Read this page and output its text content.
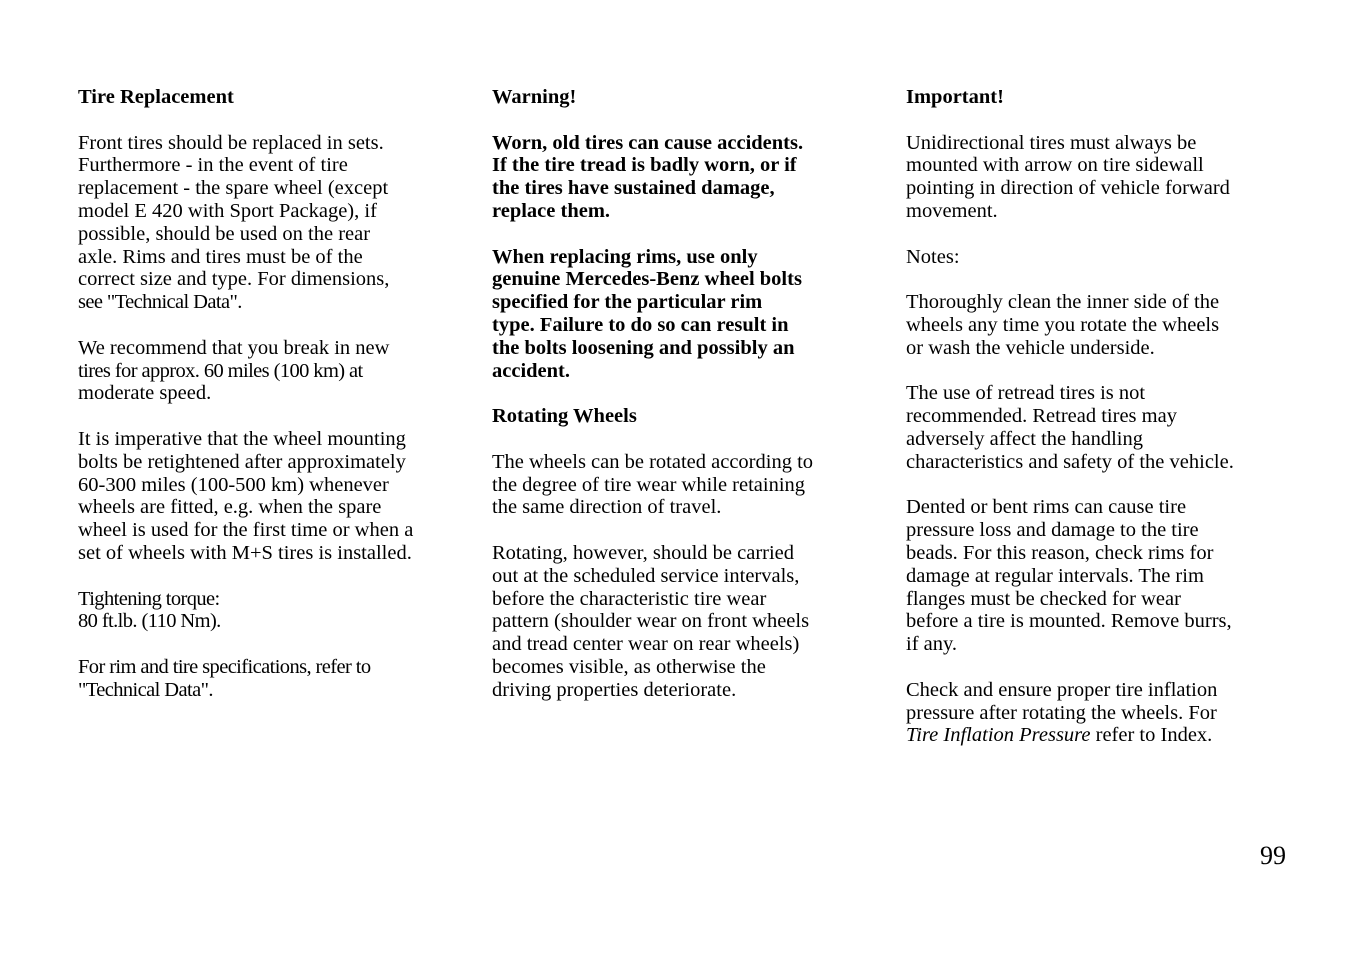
Tire Replacement

Front tires should be replaced in sets.
Furthermore - in the event of tire
replacement - the spare wheel (except
model E 420 with Sport Package), if
possible, should be used on the rear
axle. Rims and tires must be of the
correct size and type. For dimensions,
see "Technical Data".

We recommend that you break in new
tires for approx. 60 miles (100 km) at
moderate speed.

It is imperative that the wheel mounting
bolts be retightened after approximately
60-300 miles (100-500 km) whenever
wheels are fitted, e.g. when the spare
wheel is used for the first time or when a
set of wheels with M+S tires is installed.

Tightening torque:
80 ft.lb. (110 Nm).

For rim and tire specifications, refer to
"Technical Data".

Warning!

Worn, old tires can cause accidents.
If the tire tread is badly worn, or if
the tires have sustained damage,
replace them.

When replacing rims, use only
genuine Mercedes-Benz wheel bolts
specified for the particular rim
type. Failure to do so can result in
the bolts loosening and possibly an
accident.

Rotating Wheels

The wheels can be rotated according to
the degree of tire wear while retaining
the same direction of travel.

Rotating, however, should be carried
out at the scheduled service intervals,
before the characteristic tire wear
pattern (shoulder wear on front wheels
and tread center wear on rear wheels)
becomes visible, as otherwise the
driving properties deteriorate.

Important!

Unidirectional tires must always be
mounted with arrow on tire sidewall
pointing in direction of vehicle forward
movement.

Notes:

Thoroughly clean the inner side of the
wheels any time you rotate the wheels
or wash the vehicle underside.

The use of retread tires is not
recommended. Retread tires may
adversely affect the handling
characteristics and safety of the vehicle.

Dented or bent rims can cause tire
pressure loss and damage to the tire
beads. For this reason, check rims for
damage at regular intervals. The rim
flanges must be checked for wear
before a tire is mounted. Remove burrs,
if any.

Check and ensure proper tire inflation
pressure after rotating the wheels. For
Tire Inflation Pressure refer to Index.

99
